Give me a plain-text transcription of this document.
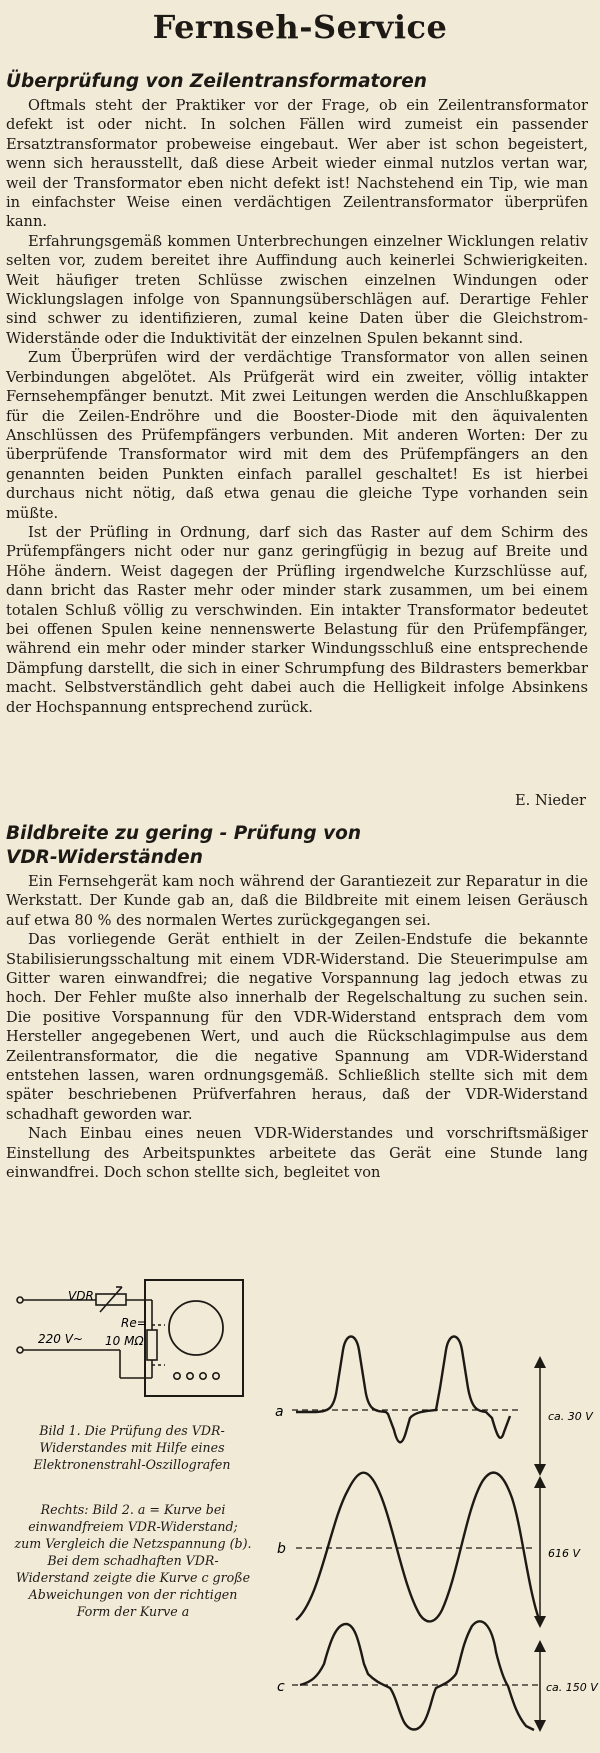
Fernseh-Service
Überprüfung von Zeilentransformatoren

Oftmals steht der Praktiker vor der Frage, ob ein Zeilentransformator defekt ist oder nicht. In solchen Fällen wird zumeist ein passender Ersatztransformator probeweise eingebaut. Wer aber ist schon begeistert, wenn sich herausstellt, daß diese Arbeit wieder einmal nutzlos vertan war, weil der Transformator eben nicht defekt ist! Nachstehend ein Tip, wie man in einfachster Weise einen verdächtigen Zeilentransformator überprüfen kann.

Erfahrungsgemäß kommen Unterbrechungen einzelner Wicklungen relativ selten vor, zudem bereitet ihre Auffindung auch keinerlei Schwierigkeiten. Weit häufiger treten Schlüsse zwischen einzelnen Windungen oder Wicklungslagen infolge von Spannungsüberschlägen auf. Derartige Fehler sind schwer zu identifizieren, zumal keine Daten über die Gleichstrom-Widerstände oder die Induktivität der einzelnen Spulen bekannt sind.

Zum Überprüfen wird der verdächtige Transformator von allen seinen Verbindungen abgelötet. Als Prüfgerät wird ein zweiter, völlig intakter Fernsehempfänger benutzt. Mit zwei Leitungen werden die Anschlußkappen für die Zeilen-Endröhre und die Booster-Diode mit den äquivalenten Anschlüssen des Prüfempfängers verbunden. Mit anderen Worten: Der zu überprüfende Transformator wird mit dem des Prüfempfängers an den genannten beiden Punkten einfach parallel geschaltet! Es ist hierbei durchaus nicht nötig, daß etwa genau die gleiche Type vorhanden sein müßte.

Ist der Prüfling in Ordnung, darf sich das Raster auf dem Schirm des Prüfempfängers nicht oder nur ganz geringfügig in bezug auf Breite und Höhe ändern. Weist dagegen der Prüfling irgendwelche Kurzschlüsse auf, dann bricht das Raster mehr oder minder stark zusammen, um bei einem totalen Schluß völlig zu verschwinden. Ein intakter Transformator bedeutet bei offenen Spulen keine nennenswerte Belastung für den Prüfempfänger, während ein mehr oder minder starker Windungsschluß eine entsprechende Dämpfung darstellt, die sich in einer Schrumpfung des Bildrasters bemerkbar macht. Selbstverständlich geht dabei auch die Helligkeit infolge Absinkens der Hochspannung entsprechend zurück.

E. Nieder
Bildbreite zu gering - Prüfung von
VDR-Widerständen

Ein Fernsehgerät kam noch während der Garantiezeit zur Reparatur in die Werkstatt. Der Kunde gab an, daß die Bildbreite mit einem leisen Geräusch auf etwa 80 % des normalen Wertes zurückgegangen sei.

Das vorliegende Gerät enthielt in der Zeilen-Endstufe die bekannte Stabilisierungsschaltung mit einem VDR-Widerstand. Die Steuerimpulse am Gitter waren einwandfrei; die negative Vorspannung lag jedoch etwas zu hoch. Der Fehler mußte also innerhalb der Regelschaltung zu suchen sein. Die positive Vorspannung für den VDR-Widerstand entsprach dem vom Hersteller angegebenen Wert, und auch die Rückschlagimpulse aus dem Zeilentransformator, die die negative Spannung am VDR-Widerstand entstehen lassen, waren ordnungsgemäß. Schließlich stellte sich mit dem später beschriebenen Prüfverfahren heraus, daß der VDR-Widerstand schadhaft geworden war.

Nach Einbau eines neuen VDR-Widerstandes und vorschriftsmäßiger Einstellung des Arbeitspunktes arbeitete das Gerät eine Stunde lang einwandfrei. Doch schon stellte sich, begleitet von

VDR
220 V~
Re=
10 MΩ
Bild 1. Die Prüfung des VDR-Widerstandes mit Hilfe eines Elektronenstrahl-Oszillografen
Rechts: Bild 2. a = Kurve bei einwandfreiem VDR-Widerstand; zum Vergleich die Netzspannung (b). Bei dem schadhaften VDR-Widerstand zeigte die Kurve c große Abweichungen von der richtigen Form der Kurve a
a
b
c
ca. 30 V
616 V
ca. 150 V
